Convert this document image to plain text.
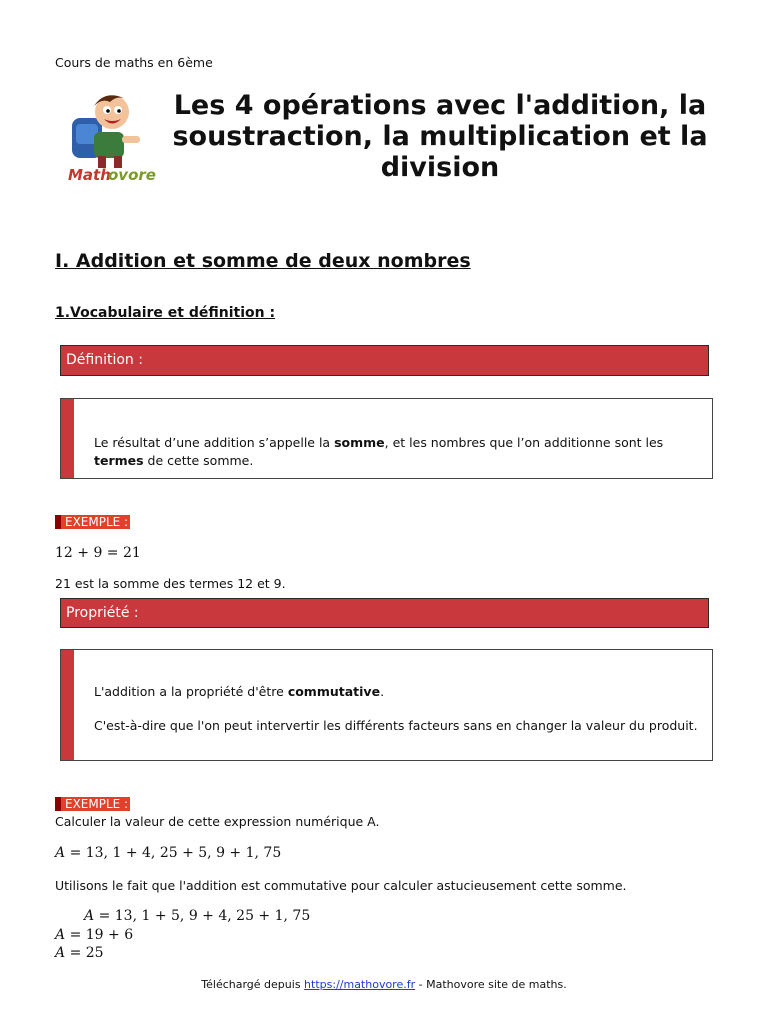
Cours de maths en 6ème
Math
ovore
Les 4 opérations avec l'addition, la soustraction, la multiplication et la division
I. Addition et somme de deux nombres
1.Vocabulaire et définition :
Définition :
Le résultat d’une addition s’appelle la somme, et les nombres que l’on additionne sont les termes de cette somme.
EXEMPLE :
12 + 9 = 21
21 est la somme des termes 12 et 9.
Propriété :
L'addition a la propriété d'être commutative.
C'est-à-dire que l'on peut intervertir les différents facteurs sans en changer la valeur du produit.
EXEMPLE :
Calculer la valeur de cette expression numérique A.
A = 13, 1 + 4, 25 + 5, 9 + 1, 75
Utilisons le fait que l'addition est commutative pour calculer astucieusement cette somme.
A = 13, 1 + 5, 9 + 4, 25 + 1, 75
A = 19 + 6
A = 25
Téléchargé depuis https://mathovore.fr - Mathovore site de maths.
